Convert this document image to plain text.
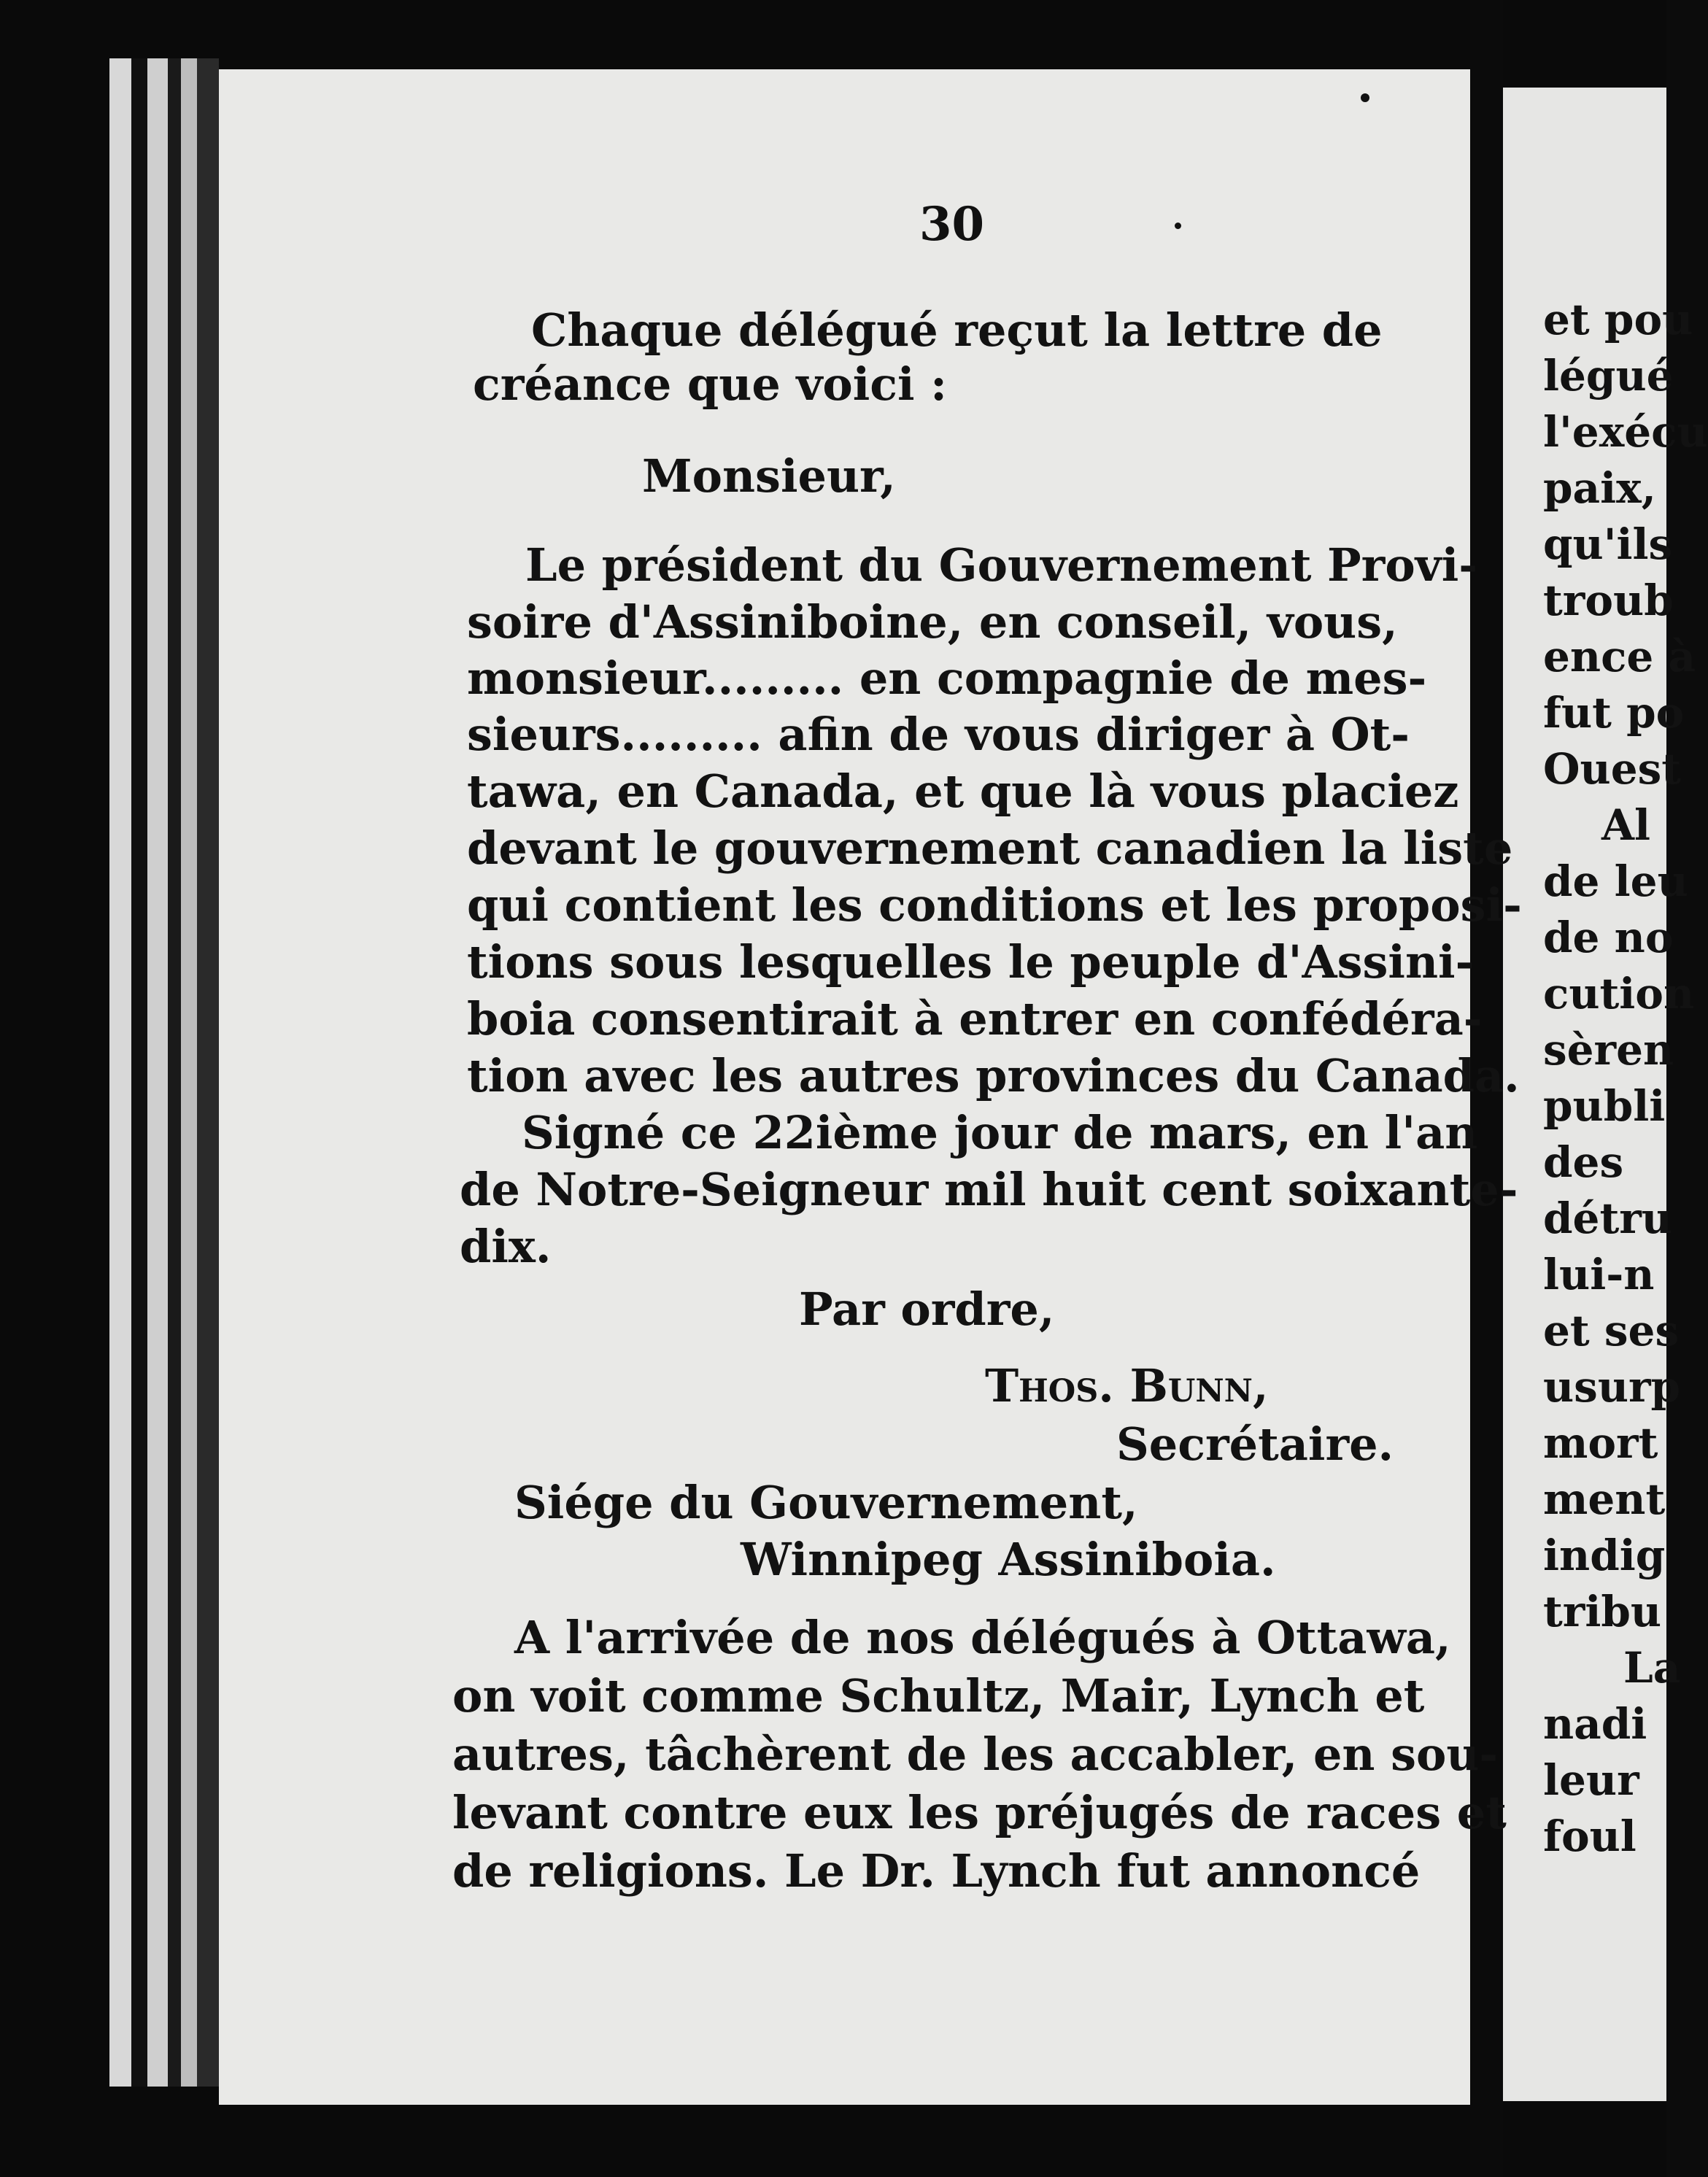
30
Chaque délégué reçut la lettre de
créance que voici :
Monsieur,
Le président du Gouvernement Provi-
soire d'Assiniboine, en conseil, vous,
monsieur......... en compagnie de mes-
sieurs......... afin de vous diriger à Ot-
tawa, en Canada, et que là vous placiez
devant le gouvernement canadien la liste
qui contient les conditions et les proposi-
tions sous lesquelles le peuple d'Assini-
boia consentirait à entrer en confédéra-
tion avec les autres provinces du Canada.
Signé ce 22ième jour de mars, en l'an
de Notre-Seigneur mil huit cent soixante-
dix.
Par ordre,
Thos. Bunn,
Secrétaire.
Siége du Gouvernement,
Winnipeg Assiniboia.
A l'arrivée de nos délégués à Ottawa,
on voit comme Schultz, Mair, Lynch et
autres, tâchèrent de les accabler, en sou-
levant contre eux les préjugés de races et
de religions. Le Dr. Lynch fut annoncé
et pou
légué
l'exécu
paix,
qu'ils
troub
ence à
fut po
Ouest
Al
de leu
de no
cution
sèren
publi
des
détru
lui-n
et ses
usurp
mort
ment
indig
tribu
La
nadi
leur
foul
